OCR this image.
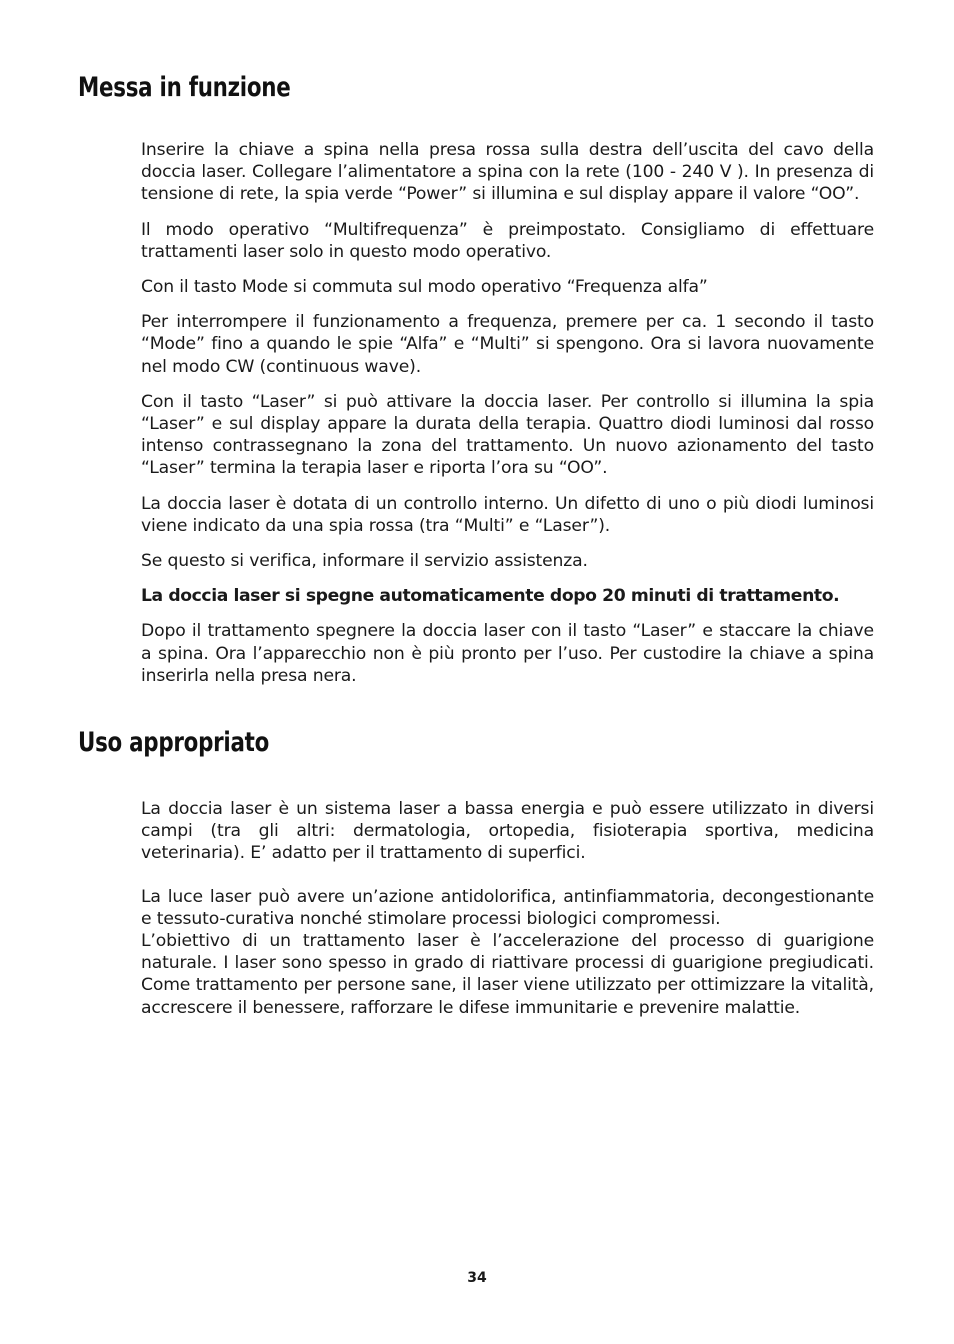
Messa in funzione

Inserire la chiave a spina nella presa rossa sulla destra dell’uscita del cavo della doccia laser. Collegare l’alimentatore a spina con la rete (100 - 240 V ). In presenza di tensione di rete, la spia verde “Power” si illumina e sul display appare il valore “OO”.

Il modo operativo “Multifrequenza” è preimpostato. Consigliamo di effettuare trattamenti laser solo in questo modo operativo.

Con il tasto Mode si commuta sul modo operativo “Frequenza alfa”

Per interrompere il funzionamento a frequenza, premere per ca. 1 secondo il tasto “Mode” fino a quando le spie “Alfa” e “Multi” si spengono. Ora si lavora nuovamente nel modo CW (continuous wave).

Con il tasto “Laser” si può attivare la doccia laser. Per controllo si illumina la spia “Laser” e sul display appare la durata della terapia. Quattro diodi luminosi dal rosso intenso contrassegnano la zona del trattamento. Un nuovo azionamento del tasto “Laser” termina la terapia laser e riporta l’ora su “OO”.

La doccia laser è dotata di un controllo interno. Un difetto di uno o più diodi luminosi viene indicato da una spia rossa (tra “Multi” e “Laser”).

Se questo si verifica, informare il servizio assistenza.

La doccia laser si spegne automaticamente dopo 20 minuti di trattamento.

Dopo il trattamento spegnere la doccia laser con il tasto “Laser” e staccare la chiave a spina. Ora l’apparecchio non è più pronto per l’uso. Per custodire la chiave a spina inserirla nella presa nera.

Uso appropriato

La doccia laser è un sistema laser a bassa energia e può essere utilizzato in diversi campi (tra gli altri: dermatologia, ortopedia, fisioterapia sportiva, medicina veterinaria). E’ adatto per il trattamento di superfici.

La luce laser può avere un’azione antidolorifica, antinfiammatoria, decongestionante e tessuto-curativa nonché stimolare processi biologici compromessi.

L’obiettivo di un trattamento laser è l’accelerazione del processo di guarigione naturale. I laser sono spesso in grado di riattivare processi di guarigione pregiudicati. Come trattamento per persone sane, il laser viene utilizzato per ottimizzare la vitalità, accrescere il benessere, rafforzare le difese immunitarie e prevenire malattie.

34
